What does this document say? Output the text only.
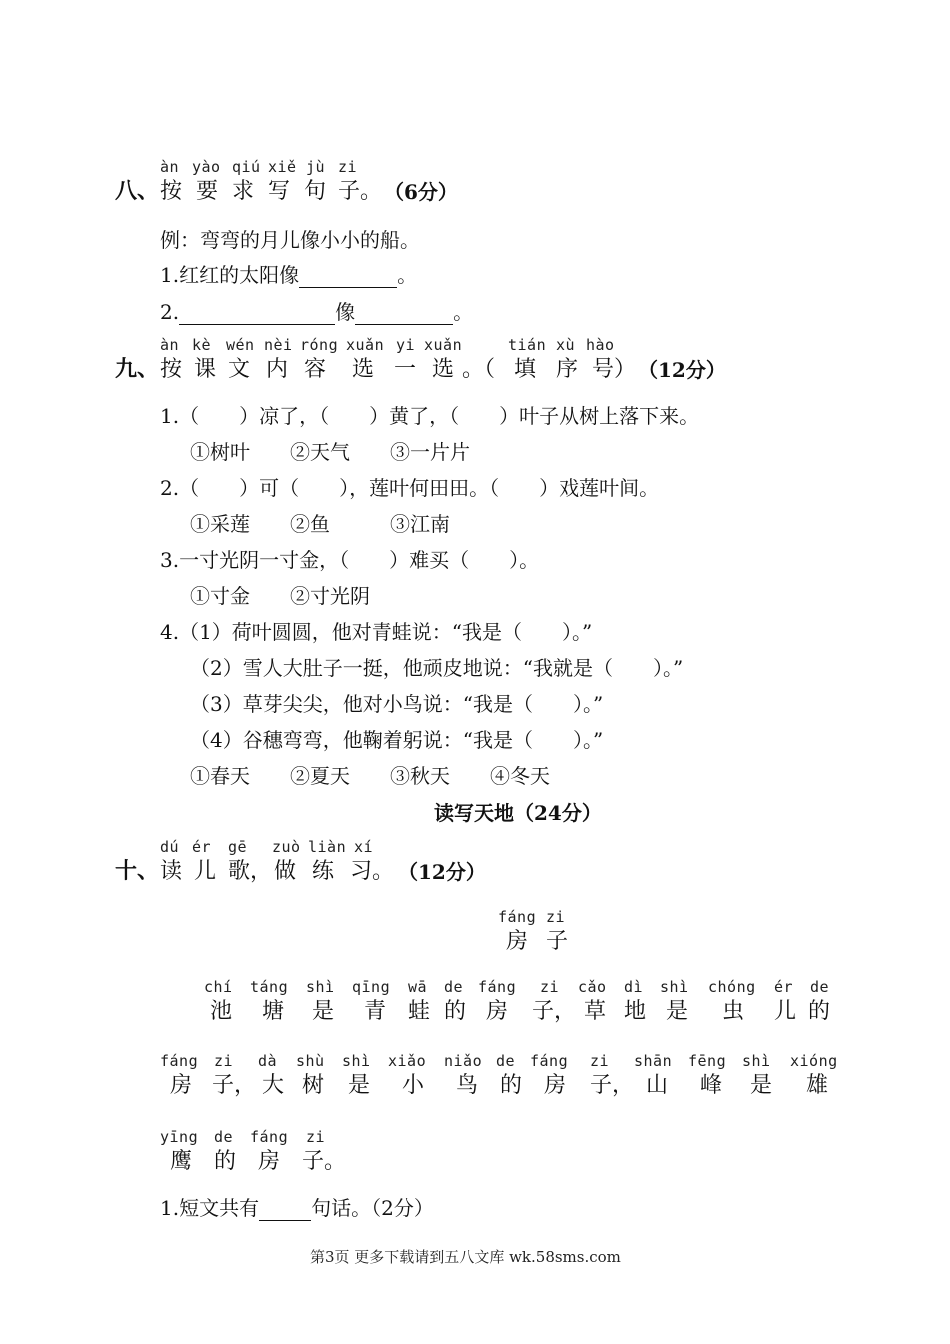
àn yào qiú xiě jù zi
八、 按 要 求 写 句 子。 （6分）
例：弯弯的月儿像小小的船。
1.红红的太阳像	。
2.	像	。
àn kè wén nèi róng xuǎn yi xuǎn	tián xù hào
九、 按 课 文 内 容 选 一 选 。（ 填 序 号） （12分）
1.（　　）凉了，（　　）黄了，（　　）叶子从树上落下来。
①树叶　　②天气　　③一片片
2.（　　）可（　　），莲叶何田田。（　　）戏莲叶间。
①采莲　　②鱼　　　③江南
3.一寸光阴一寸金，（　　）难买（　　）。
①寸金　　②寸光阴
4.（1）荷叶圆圆，他对青蛙说：“我是（　　）。”
（2）雪人大肚子一挺，他顽皮地说：“我就是（　　）。”
（3）草芽尖尖，他对小鸟说：“我是（　　）。”
（4）谷穗弯弯，他鞠着躬说：“我是（　　）。”
①春天　　②夏天　　③秋天　　④冬天
读写天地（24分）
dú ér gē zuò liàn xí
十、 读 儿 歌， 做 练 习。 （12分）
fáng zi
房 子
chí táng shì qīng wā de fáng zi cǎo dì shì chóng ér de
池 塘 是 青 蛙 的 房 子， 草 地 是 虫 儿 的
fáng zi dà shù shì xiǎo niǎo de fáng zi shān fēng shì xióng
房 子， 大 树 是 小 鸟 的 房 子， 山 峰 是 雄
yīng de fáng zi
鹰 的 房 子。
1.短文共有	句话。（2分）
第3页 更多下载请到五八文库 wk.58sms.com
